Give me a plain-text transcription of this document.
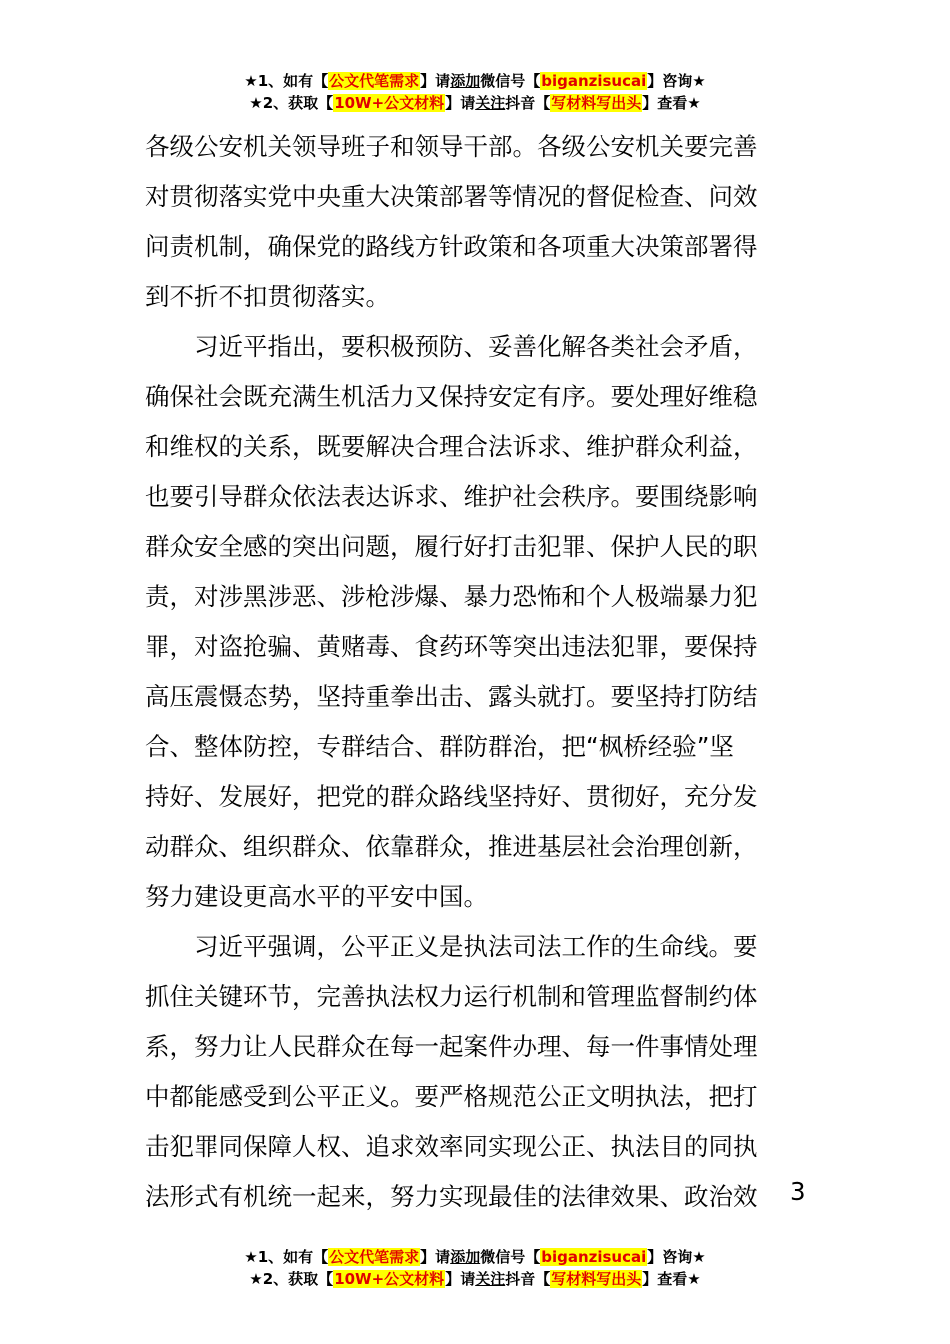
★1、如有【公文代笔需求】请添加微信号【biganzisucai】咨询★
★2、获取【10W+公文材料】请关注抖音【写材料写出头】查看★

各级公安机关领导班子和领导干部。各级公安机关要完善

对贯彻落实党中央重大决策部署等情况的督促检查、问效

问责机制，确保党的路线方针政策和各项重大决策部署得

到不折不扣贯彻落实。

　　习近平指出，要积极预防、妥善化解各类社会矛盾，

确保社会既充满生机活力又保持安定有序。要处理好维稳

和维权的关系，既要解决合理合法诉求、维护群众利益，

也要引导群众依法表达诉求、维护社会秩序。要围绕影响

群众安全感的突出问题，履行好打击犯罪、保护人民的职

责，对涉黑涉恶、涉枪涉爆、暴力恐怖和个人极端暴力犯

罪，对盗抢骗、黄赌毒、食药环等突出违法犯罪，要保持

高压震慑态势，坚持重拳出击、露头就打。要坚持打防结

合、整体防控，专群结合、群防群治，把“枫桥经验”坚

持好、发展好，把党的群众路线坚持好、贯彻好，充分发

动群众、组织群众、依靠群众，推进基层社会治理创新，

努力建设更高水平的平安中国。

　　习近平强调，公平正义是执法司法工作的生命线。要

抓住关键环节，完善执法权力运行机制和管理监督制约体

系，努力让人民群众在每一起案件办理、每一件事情处理

中都能感受到公平正义。要严格规范公正文明执法，把打

击犯罪同保障人权、追求效率同实现公正、执法目的同执

法形式有机统一起来，努力实现最佳的法律效果、政治效	3
★1、如有【公文代笔需求】请添加微信号【biganzisucai】咨询★
★2、获取【10W+公文材料】请关注抖音【写材料写出头】查看★
